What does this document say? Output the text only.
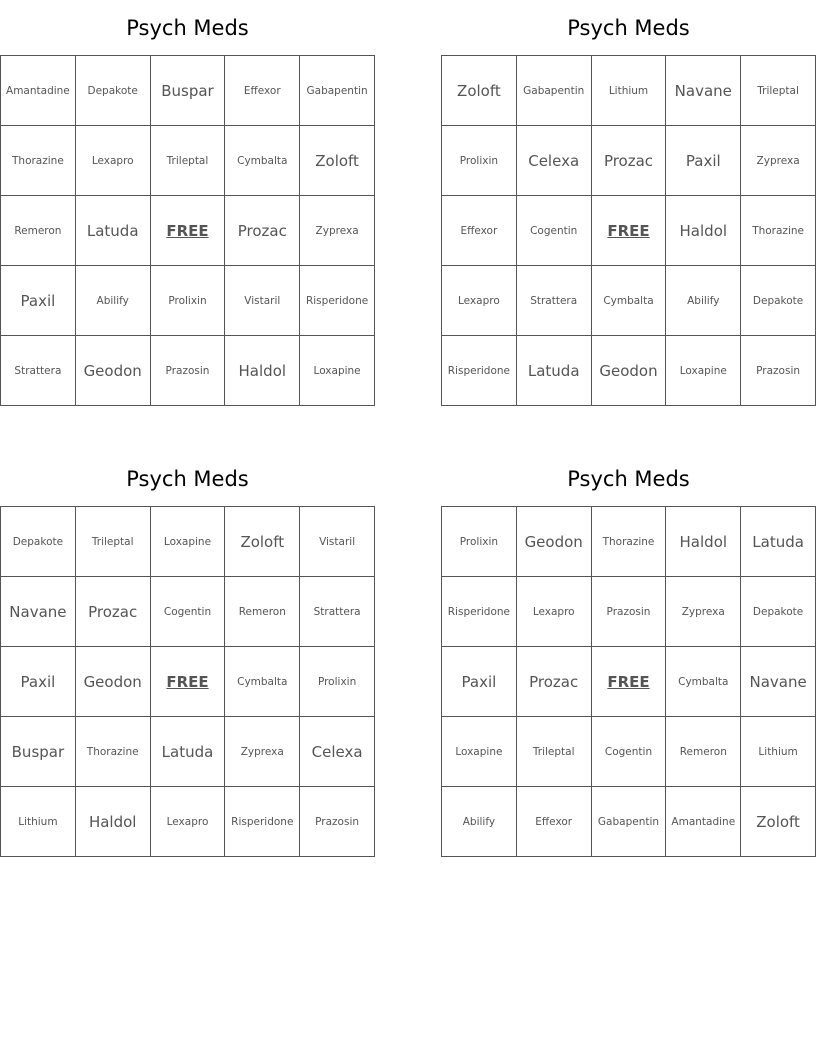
Psych Meds
Amantadine	Depakote	Buspar	Effexor	Gabapentin
Thorazine	Lexapro	Trileptal	Cymbalta	Zoloft
Remeron	Latuda	FREE	Prozac	Zyprexa
Paxil	Abilify	Prolixin	Vistaril	Risperidone
Strattera	Geodon	Prazosin	Haldol	Loxapine
Psych Meds
Zoloft	Gabapentin	Lithium	Navane	Trileptal
Prolixin	Celexa	Prozac	Paxil	Zyprexa
Effexor	Cogentin	FREE	Haldol	Thorazine
Lexapro	Strattera	Cymbalta	Abilify	Depakote
Risperidone	Latuda	Geodon	Loxapine	Prazosin
Psych Meds
Depakote	Trileptal	Loxapine	Zoloft	Vistaril
Navane	Prozac	Cogentin	Remeron	Strattera
Paxil	Geodon	FREE	Cymbalta	Prolixin
Buspar	Thorazine	Latuda	Zyprexa	Celexa
Lithium	Haldol	Lexapro	Risperidone	Prazosin
Psych Meds
Prolixin	Geodon	Thorazine	Haldol	Latuda
Risperidone	Lexapro	Prazosin	Zyprexa	Depakote
Paxil	Prozac	FREE	Cymbalta	Navane
Loxapine	Trileptal	Cogentin	Remeron	Lithium
Abilify	Effexor	Gabapentin	Amantadine	Zoloft
